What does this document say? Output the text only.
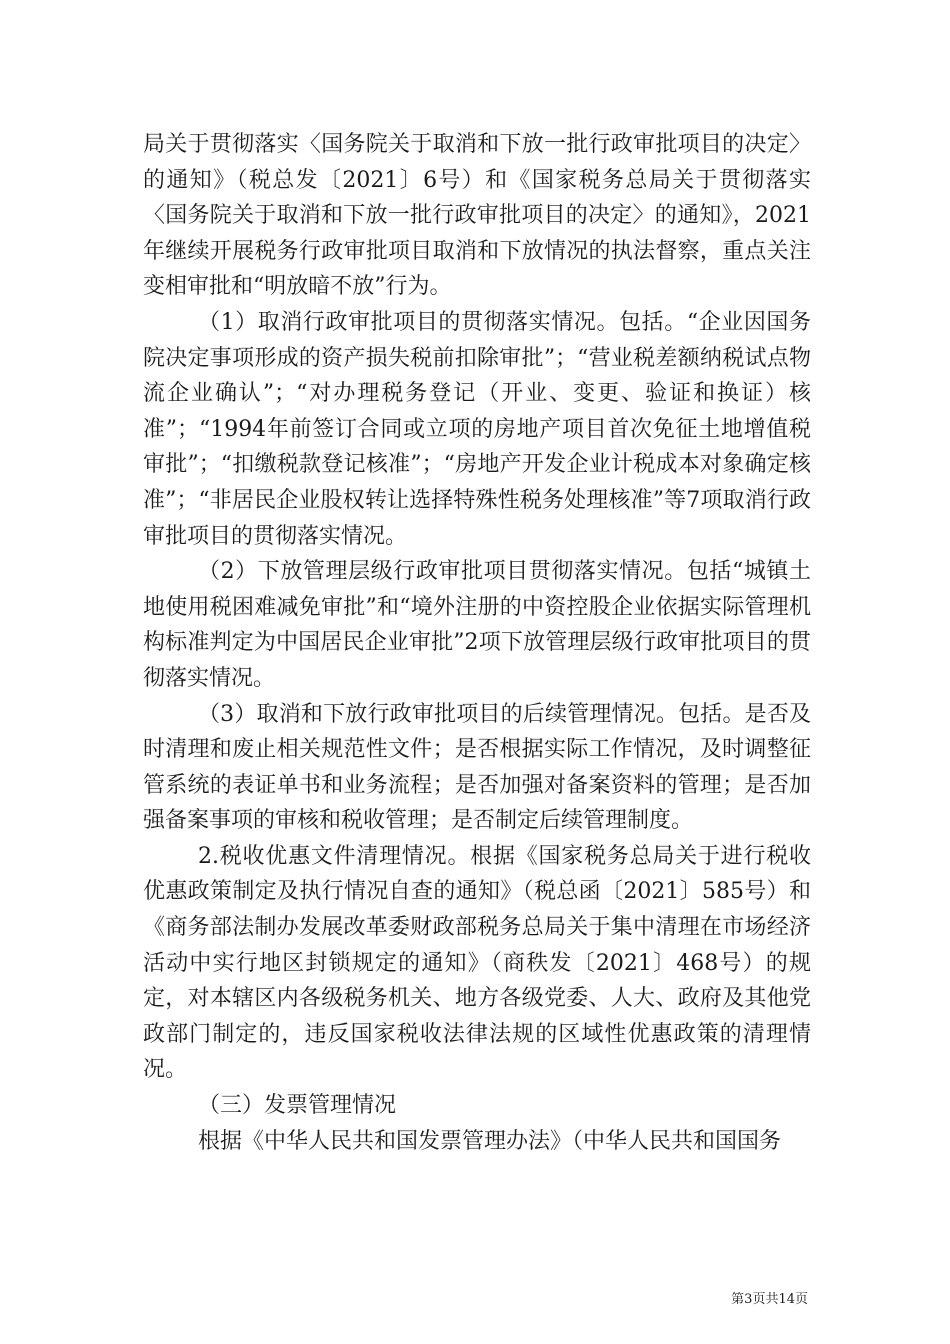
局关于贯彻落实〈国务院关于取消和下放一批行政审批项目的决定〉的通知》（税总发〔2021〕6号）和《国家税务总局关于贯彻落实〈国务院关于取消和下放一批行政审批项目的决定〉的通知》，2021年继续开展税务行政审批项目取消和下放情况的执法督察，重点关注变相审批和“明放暗不放”行为。

（1）取消行政审批项目的贯彻落实情况。包括。“企业因国务院决定事项形成的资产损失税前扣除审批”；“营业税差额纳税试点物流企业确认”；“对办理税务登记（开业、变更、验证和换证）核准”；“1994年前签订合同或立项的房地产项目首次免征土地增值税审批”；“扣缴税款登记核准”；“房地产开发企业计税成本对象确定核准”；“非居民企业股权转让选择特殊性税务处理核准”等7项取消行政审批项目的贯彻落实情况。

（2）下放管理层级行政审批项目贯彻落实情况。包括“城镇土地使用税困难减免审批”和“境外注册的中资控股企业依据实际管理机构标准判定为中国居民企业审批”2项下放管理层级行政审批项目的贯彻落实情况。

（3）取消和下放行政审批项目的后续管理情况。包括。是否及时清理和废止相关规范性文件；是否根据实际工作情况，及时调整征管系统的表证单书和业务流程；是否加强对备案资料的管理；是否加强备案事项的审核和税收管理；是否制定后续管理制度。

2.税收优惠文件清理情况。根据《国家税务总局关于进行税收优惠政策制定及执行情况自查的通知》（税总函〔2021〕585号）和《商务部法制办发展改革委财政部税务总局关于集中清理在市场经济活动中实行地区封锁规定的通知》（商秩发〔2021〕468号）的规定，对本辖区内各级税务机关、地方各级党委、人大、政府及其他党政部门制定的，违反国家税收法律法规的区域性优惠政策的清理情况。

（三）发票管理情况

根据《中华人民共和国发票管理办法》（中华人民共和国国务

第3页共14页
